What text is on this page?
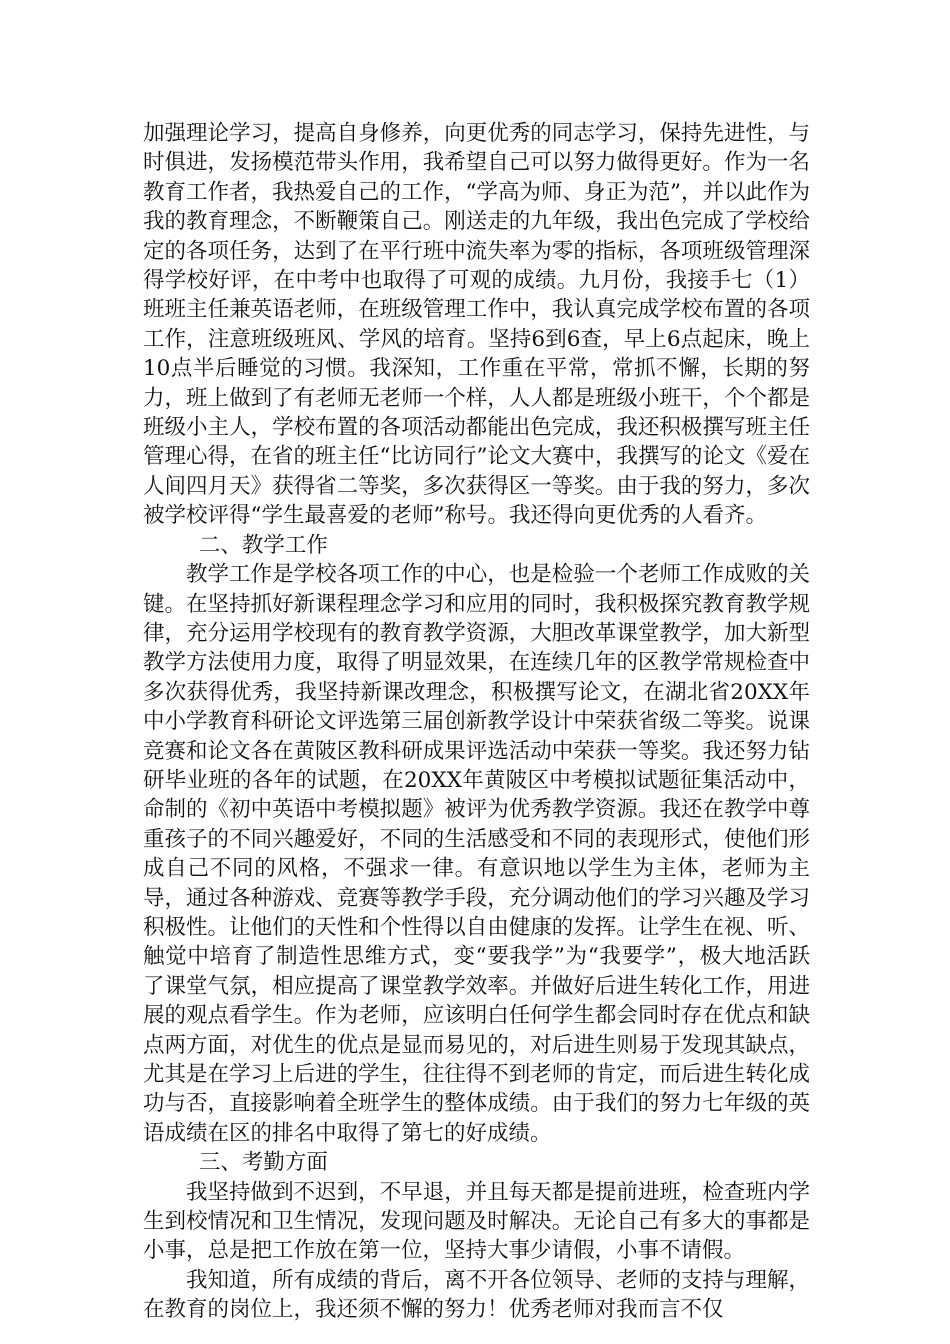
加强理论学习，提高自身修养，向更优秀的同志学习，保持先进性，与时俱进，发扬模范带头作用，我希望自己可以努力做得更好。作为一名教育工作者，我热爱自己的工作，“学高为师、身正为范”，并以此作为我的教育理念，不断鞭策自己。刚送走的九年级，我出色完成了学校给定的各项任务，达到了在平行班中流失率为零的指标，各项班级管理深得学校好评，在中考中也取得了可观的成绩。九月份，我接手七（1）班班主任兼英语老师，在班级管理工作中，我认真完成学校布置的各项工作，注意班级班风、学风的培育。坚持6到6查，早上6点起床，晚上10点半后睡觉的习惯。我深知，工作重在平常，常抓不懈，长期的努力，班上做到了有老师无老师一个样，人人都是班级小班干，个个都是班级小主人，学校布置的各项活动都能出色完成，我还积极撰写班主任管理心得，在省的班主任“比访同行”论文大赛中，我撰写的论文《爱在人间四月天》获得省二等奖，多次获得区一等奖。由于我的努力，多次被学校评得“学生最喜爱的老师”称号。我还得向更优秀的人看齐。

二、教学工作

教学工作是学校各项工作的中心，也是检验一个老师工作成败的关键。在坚持抓好新课程理念学习和应用的同时，我积极探究教育教学规律，充分运用学校现有的教育教学资源，大胆改革课堂教学，加大新型教学方法使用力度，取得了明显效果，在连续几年的区教学常规检查中多次获得优秀，我坚持新课改理念，积极撰写论文，在湖北省20XX年中小学教育科研论文评选第三届创新教学设计中荣获省级二等奖。说课竞赛和论文各在黄陂区教科研成果评选活动中荣获一等奖。我还努力钻研毕业班的各年的试题，在20XX年黄陂区中考模拟试题征集活动中，命制的《初中英语中考模拟题》被评为优秀教学资源。我还在教学中尊重孩子的不同兴趣爱好，不同的生活感受和不同的表现形式，使他们形成自己不同的风格，不强求一律。有意识地以学生为主体，老师为主导，通过各种游戏、竞赛等教学手段，充分调动他们的学习兴趣及学习积极性。让他们的天性和个性得以自由健康的发挥。让学生在视、听、触觉中培育了制造性思维方式，变“要我学”为“我要学”，极大地活跃了课堂气氛，相应提高了课堂教学效率。并做好后进生转化工作，用进展的观点看学生。作为老师，应该明白任何学生都会同时存在优点和缺点两方面，对优生的优点是显而易见的，对后进生则易于发现其缺点，尤其是在学习上后进的学生，往往得不到老师的肯定，而后进生转化成功与否，直接影响着全班学生的整体成绩。由于我们的努力七年级的英语成绩在区的排名中取得了第七的好成绩。

三、考勤方面

我坚持做到不迟到，不早退，并且每天都是提前进班，检查班内学生到校情况和卫生情况，发现问题及时解决。无论自己有多大的事都是小事，总是把工作放在第一位，坚持大事少请假，小事不请假。

我知道，所有成绩的背后，离不开各位领导、老师的支持与理解，在教育的岗位上，我还须不懈的努力！优秀老师对我而言不仅
